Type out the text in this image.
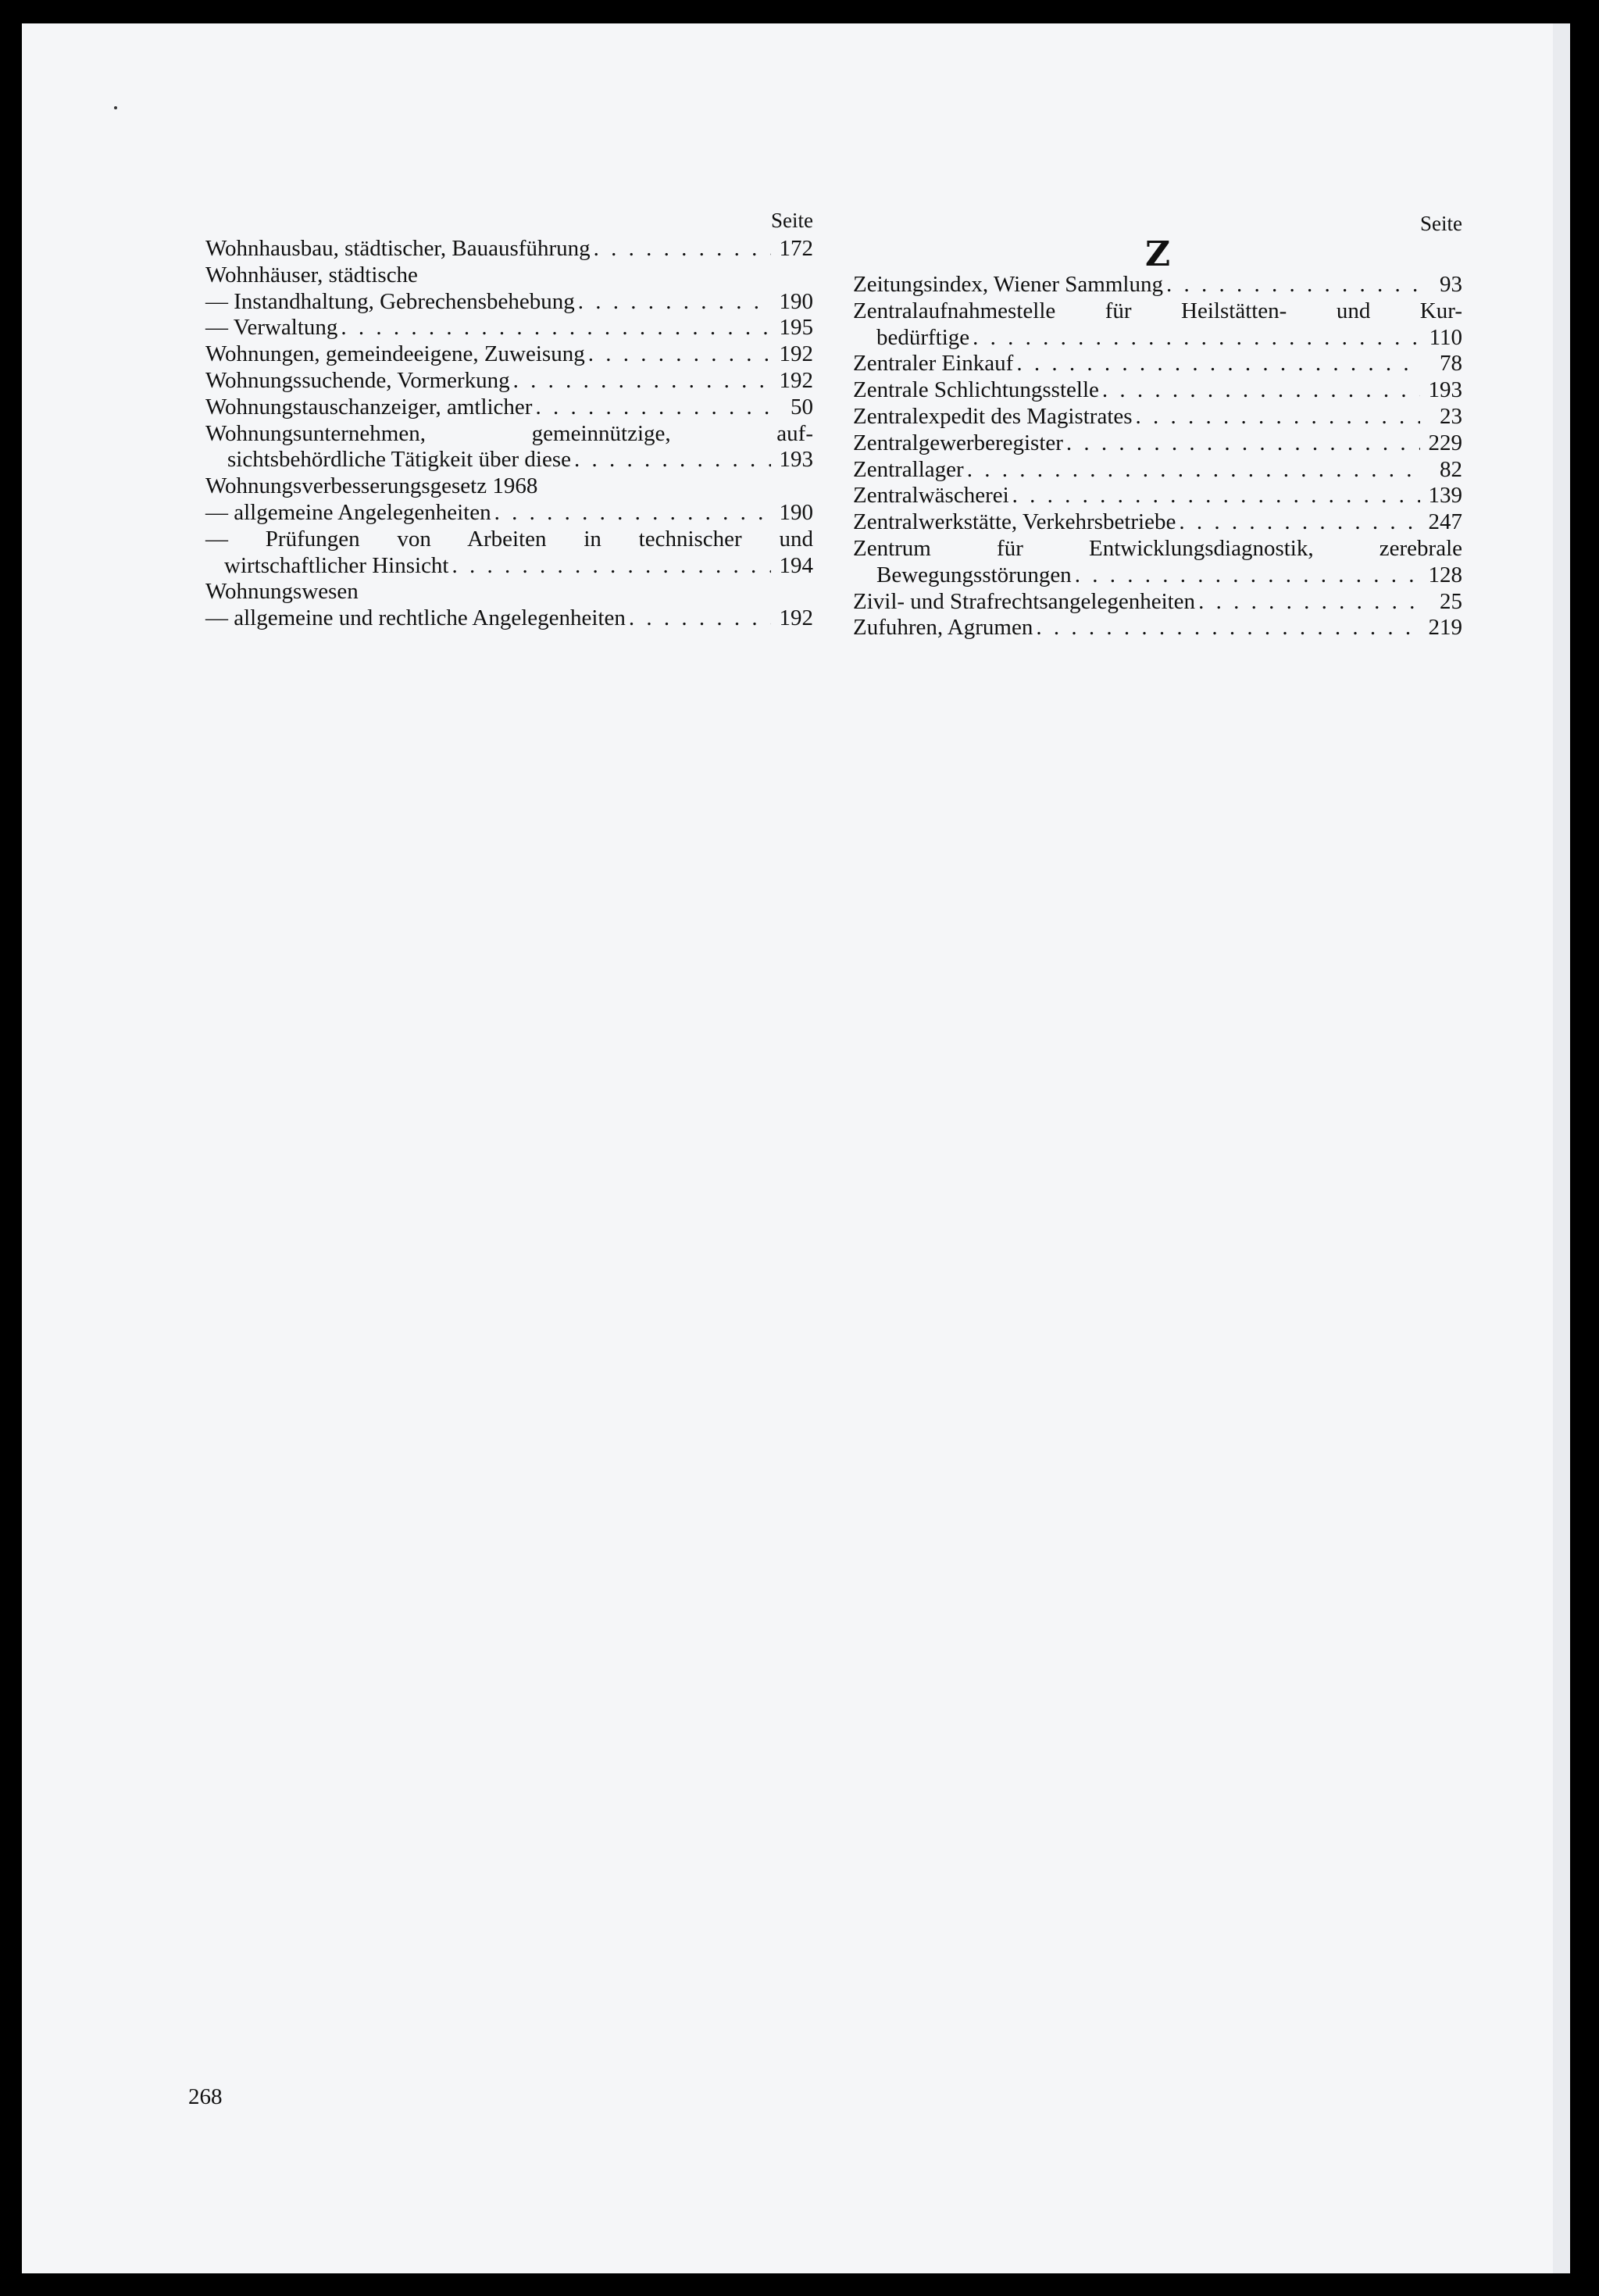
Seite
Wohnhausbau, städtischer, Bauausführung . . .	172
Wohnhäuser, städtische
— Instandhaltung, Gebrechensbehebung . . .	190
— Verwaltung . . .	195
Wohnungen, gemeindeeigene, Zuweisung . . .	192
Wohnungssuchende, Vormerkung . . .	192
Wohnungstauschanzeiger, amtlicher . . .	50
Wohnungsunternehmen, gemeinnützige, auf-
sichtsbehördliche Tätigkeit über diese . . .	193
Wohnungsverbesserungsgesetz 1968
— allgemeine Angelegenheiten . . .	190
— Prüfungen von Arbeiten in technischer und
wirtschaftlicher Hinsicht . . .	194
Wohnungswesen
— allgemeine und rechtliche Angelegenheiten . . .	192
Seite
Z
Zeitungsindex, Wiener Sammlung . . .	93
Zentralaufnahmestelle für Heilstätten- und Kur-
bedürftige . . .	110
Zentraler Einkauf . . .	78
Zentrale Schlichtungsstelle . . .	193
Zentralexpedit des Magistrates . . .	23
Zentralgewerberegister . . .	229
Zentrallager . . .	82
Zentralwäscherei . . .	139
Zentralwerkstätte, Verkehrsbetriebe . . .	247
Zentrum für Entwicklungsdiagnostik, zerebrale
Bewegungsstörungen . . .	128
Zivil- und Strafrechtsangelegenheiten . . .	25
Zufuhren, Agrumen . . .	219
268
